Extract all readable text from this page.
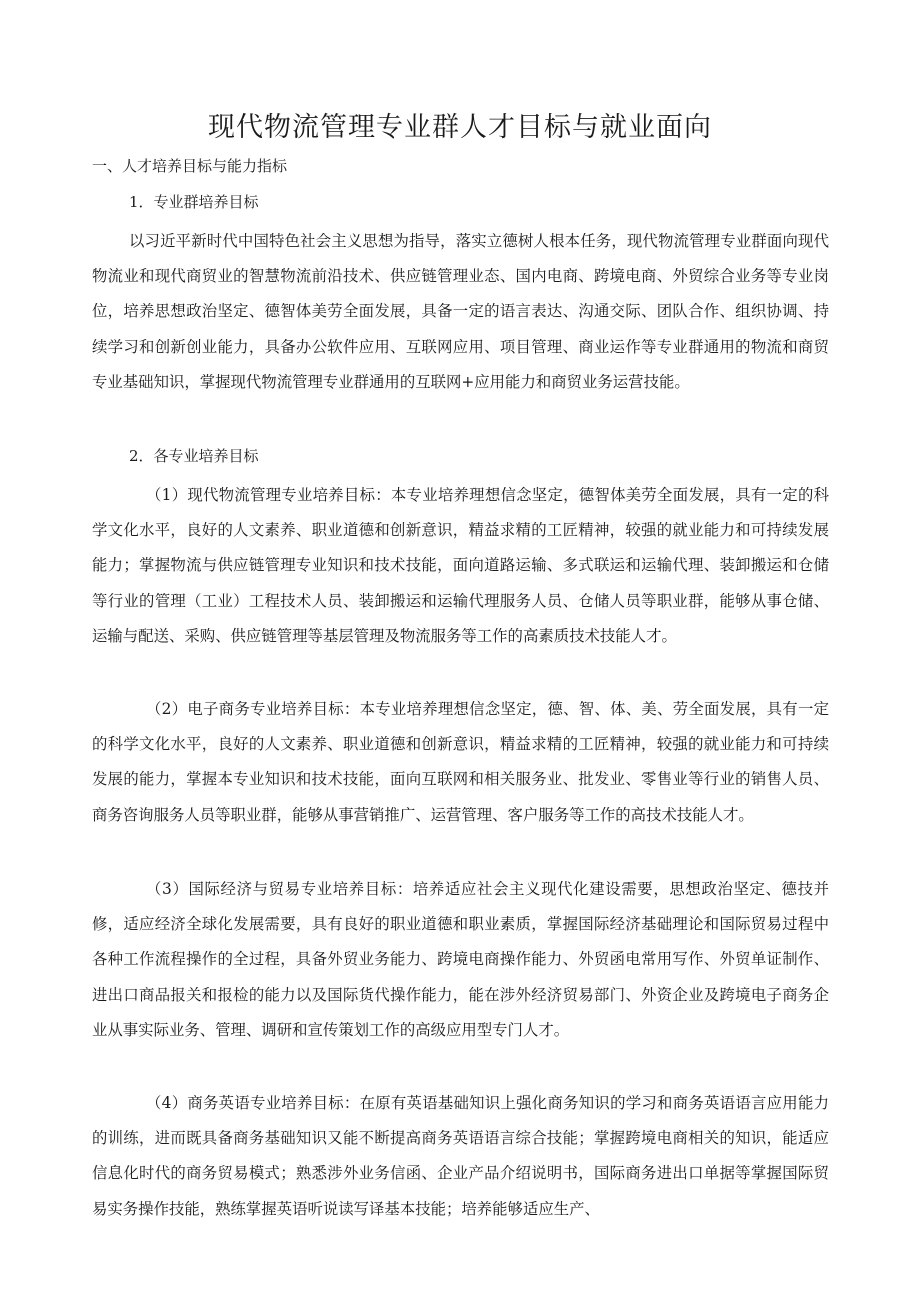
现代物流管理专业群人才目标与就业面向
一、人才培养目标与能力指标
1．专业群培养目标

以习近平新时代中国特色社会主义思想为指导，落实立德树人根本任务，现代物流管理专业群面向现代物流业和现代商贸业的智慧物流前沿技术、供应链管理业态、国内电商、跨境电商、外贸综合业务等专业岗位，培养思想政治坚定、德智体美劳全面发展，具备一定的语言表达、沟通交际、团队合作、组织协调、持续学习和创新创业能力，具备办公软件应用、互联网应用、项目管理、商业运作等专业群通用的物流和商贸专业基础知识，掌握现代物流管理专业群通用的互联网+应用能力和商贸业务运营技能。

2．各专业培养目标

（1）现代物流管理专业培养目标：本专业培养理想信念坚定，德智体美劳全面发展，具有一定的科学文化水平，良好的人文素养、职业道德和创新意识，精益求精的工匠精神，较强的就业能力和可持续发展能力；掌握物流与供应链管理专业知识和技术技能，面向道路运输、多式联运和运输代理、装卸搬运和仓储等行业的管理（工业）工程技术人员、装卸搬运和运输代理服务人员、仓储人员等职业群，能够从事仓储、运输与配送、采购、供应链管理等基层管理及物流服务等工作的高素质技术技能人才。

（2）电子商务专业培养目标：本专业培养理想信念坚定，德、智、体、美、劳全面发展，具有一定的科学文化水平，良好的人文素养、职业道德和创新意识，精益求精的工匠精神，较强的就业能力和可持续发展的能力，掌握本专业知识和技术技能，面向互联网和相关服务业、批发业、零售业等行业的销售人员、商务咨询服务人员等职业群，能够从事营销推广、运营管理、客户服务等工作的高技术技能人才。

（3）国际经济与贸易专业培养目标：培养适应社会主义现代化建设需要，思想政治坚定、德技并修，适应经济全球化发展需要，具有良好的职业道德和职业素质，掌握国际经济基础理论和国际贸易过程中各种工作流程操作的全过程，具备外贸业务能力、跨境电商操作能力、外贸函电常用写作、外贸单证制作、进出口商品报关和报检的能力以及国际货代操作能力，能在涉外经济贸易部门、外资企业及跨境电子商务企业从事实际业务、管理、调研和宣传策划工作的高级应用型专门人才。

（4）商务英语专业培养目标：在原有英语基础知识上强化商务知识的学习和商务英语语言应用能力的训练，进而既具备商务基础知识又能不断提高商务英语语言综合技能；掌握跨境电商相关的知识，能适应信息化时代的商务贸易模式；熟悉涉外业务信函、企业产品介绍说明书，国际商务进出口单据等掌握国际贸易实务操作技能，熟练掌握英语听说读写译基本技能；培养能够适应生产、
